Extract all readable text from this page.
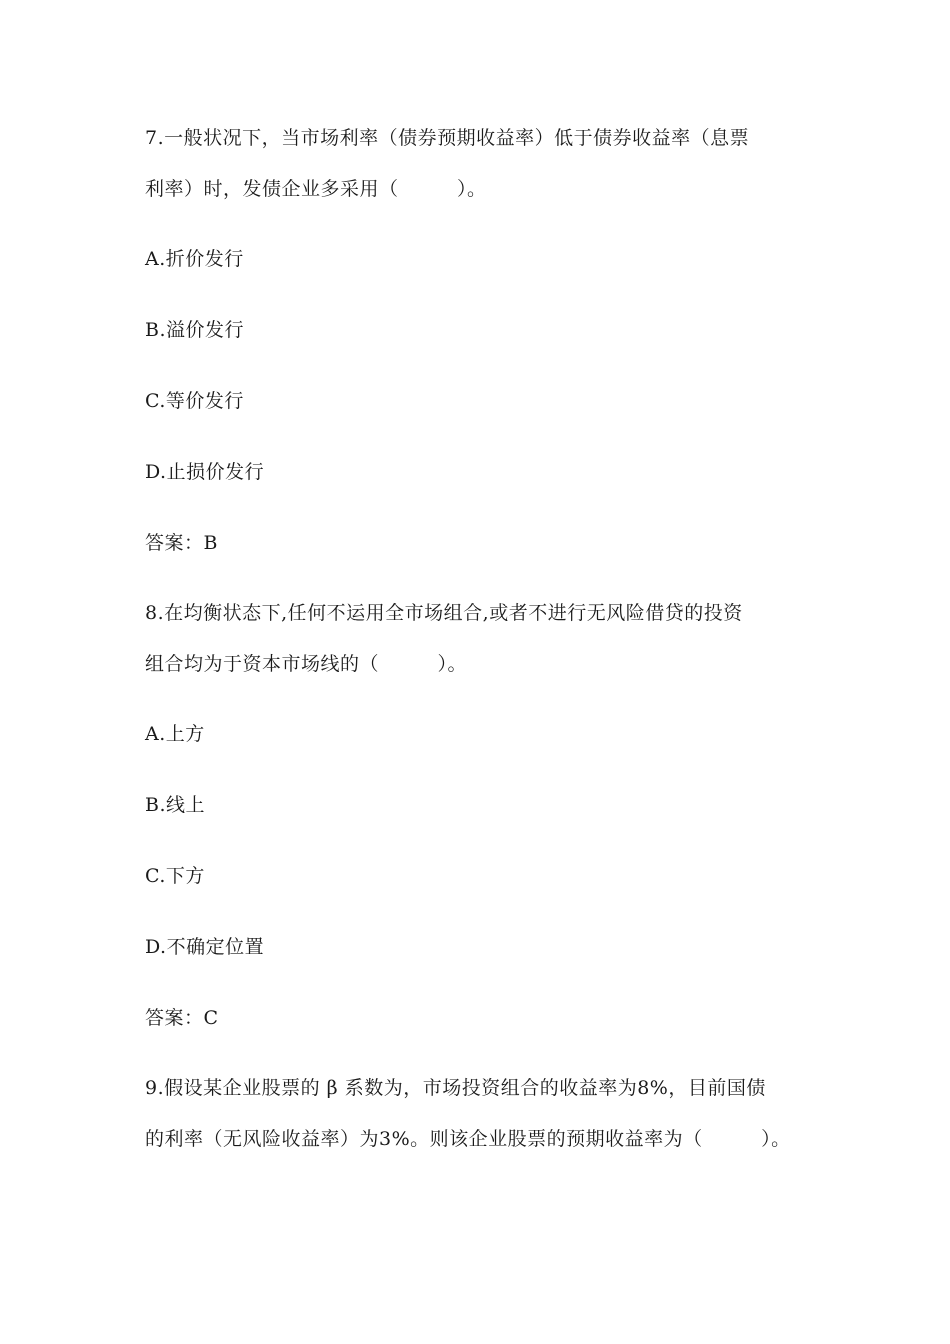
7.一般状况下，当市场利率（债券预期收益率）低于债券收益率（息票
利率）时，发债企业多采用（　　　）。
A.折价发行
B.溢价发行
C.等价发行
D.止损价发行
答案：B
8.在均衡状态下,任何不运用全市场组合,或者不进行无风险借贷的投资
组合均为于资本市场线的（　　　）。
A.上方
B.线上
C.下方
D.不确定位置
答案：C
9.假设某企业股票的 β 系数为，市场投资组合的收益率为8%，目前国债
的利率（无风险收益率）为3%。则该企业股票的预期收益率为（　　　）。
